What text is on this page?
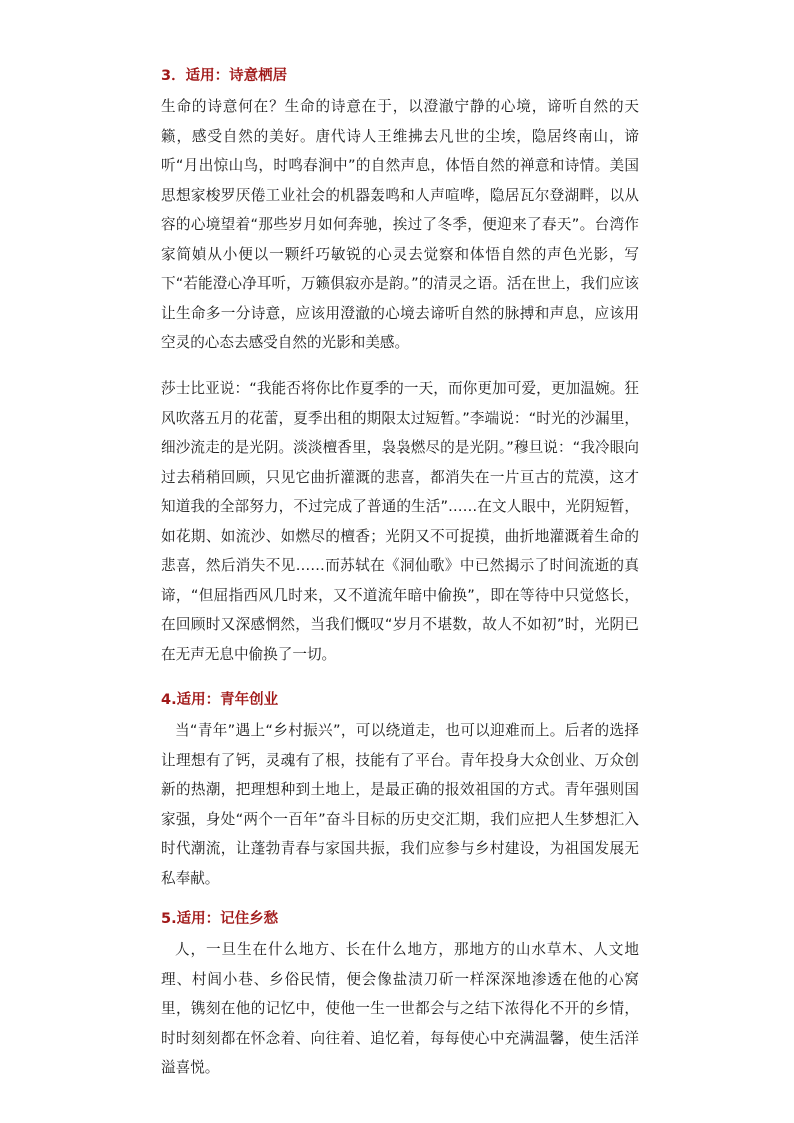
3．适用：诗意栖居

生命的诗意何在？生命的诗意在于，以澄澈宁静的心境，谛听自然的天籁，感受自然的美好。唐代诗人王维拂去凡世的尘埃，隐居终南山，谛听“月出惊山鸟，时鸣春涧中”的自然声息，体悟自然的禅意和诗情。美国思想家梭罗厌倦工业社会的机器轰鸣和人声喧哗，隐居瓦尔登湖畔，以从容的心境望着“那些岁月如何奔驰，挨过了冬季，便迎来了春天”。台湾作家简媜从小便以一颗纤巧敏锐的心灵去觉察和体悟自然的声色光影，写下“若能澄心净耳听，万籁俱寂亦是韵。”的清灵之语。活在世上，我们应该让生命多一分诗意，应该用澄澈的心境去谛听自然的脉搏和声息，应该用空灵的心态去感受自然的光影和美感。

莎士比亚说：“我能否将你比作夏季的一天，而你更加可爱，更加温婉。狂风吹落五月的花蕾，夏季出租的期限太过短暂。”李端说：“时光的沙漏里，细沙流走的是光阴。淡淡檀香里，袅袅燃尽的是光阴。”穆旦说：“我冷眼向过去稍稍回顾，只见它曲折灌溉的悲喜，都消失在一片亘古的荒漠，这才知道我的全部努力，不过完成了普通的生活”……在文人眼中，光阴短暂，如花期、如流沙、如燃尽的檀香；光阴又不可捉摸，曲折地灌溉着生命的悲喜，然后消失不见……而苏轼在《洞仙歌》中已然揭示了时间流逝的真谛，“但屈指西风几时来，又不道流年暗中偷换”，即在等待中只觉悠长，在回顾时又深感惘然，当我们慨叹“岁月不堪数，故人不如初”时，光阴已在无声无息中偷换了一切。

4.适用：青年创业

当“青年”遇上“乡村振兴”，可以绕道走，也可以迎难而上。后者的选择让理想有了钙，灵魂有了根，技能有了平台。青年投身大众创业、万众创新的热潮，把理想种到土地上，是最正确的报效祖国的方式。青年强则国家强，身处“两个一百年”奋斗目标的历史交汇期，我们应把人生梦想汇入时代潮流，让蓬勃青春与家国共振，我们应参与乡村建设，为祖国发展无私奉献。

5.适用：记住乡愁

人，一旦生在什么地方、长在什么地方，那地方的山水草木、人文地理、村闾小巷、乡俗民情，便会像盐渍刀斫一样深深地渗透在他的心窝里，镌刻在他的记忆中，使他一生一世都会与之结下浓得化不开的乡情，时时刻刻都在怀念着、向往着、追忆着，每每使心中充满温馨，使生活洋溢喜悦。
